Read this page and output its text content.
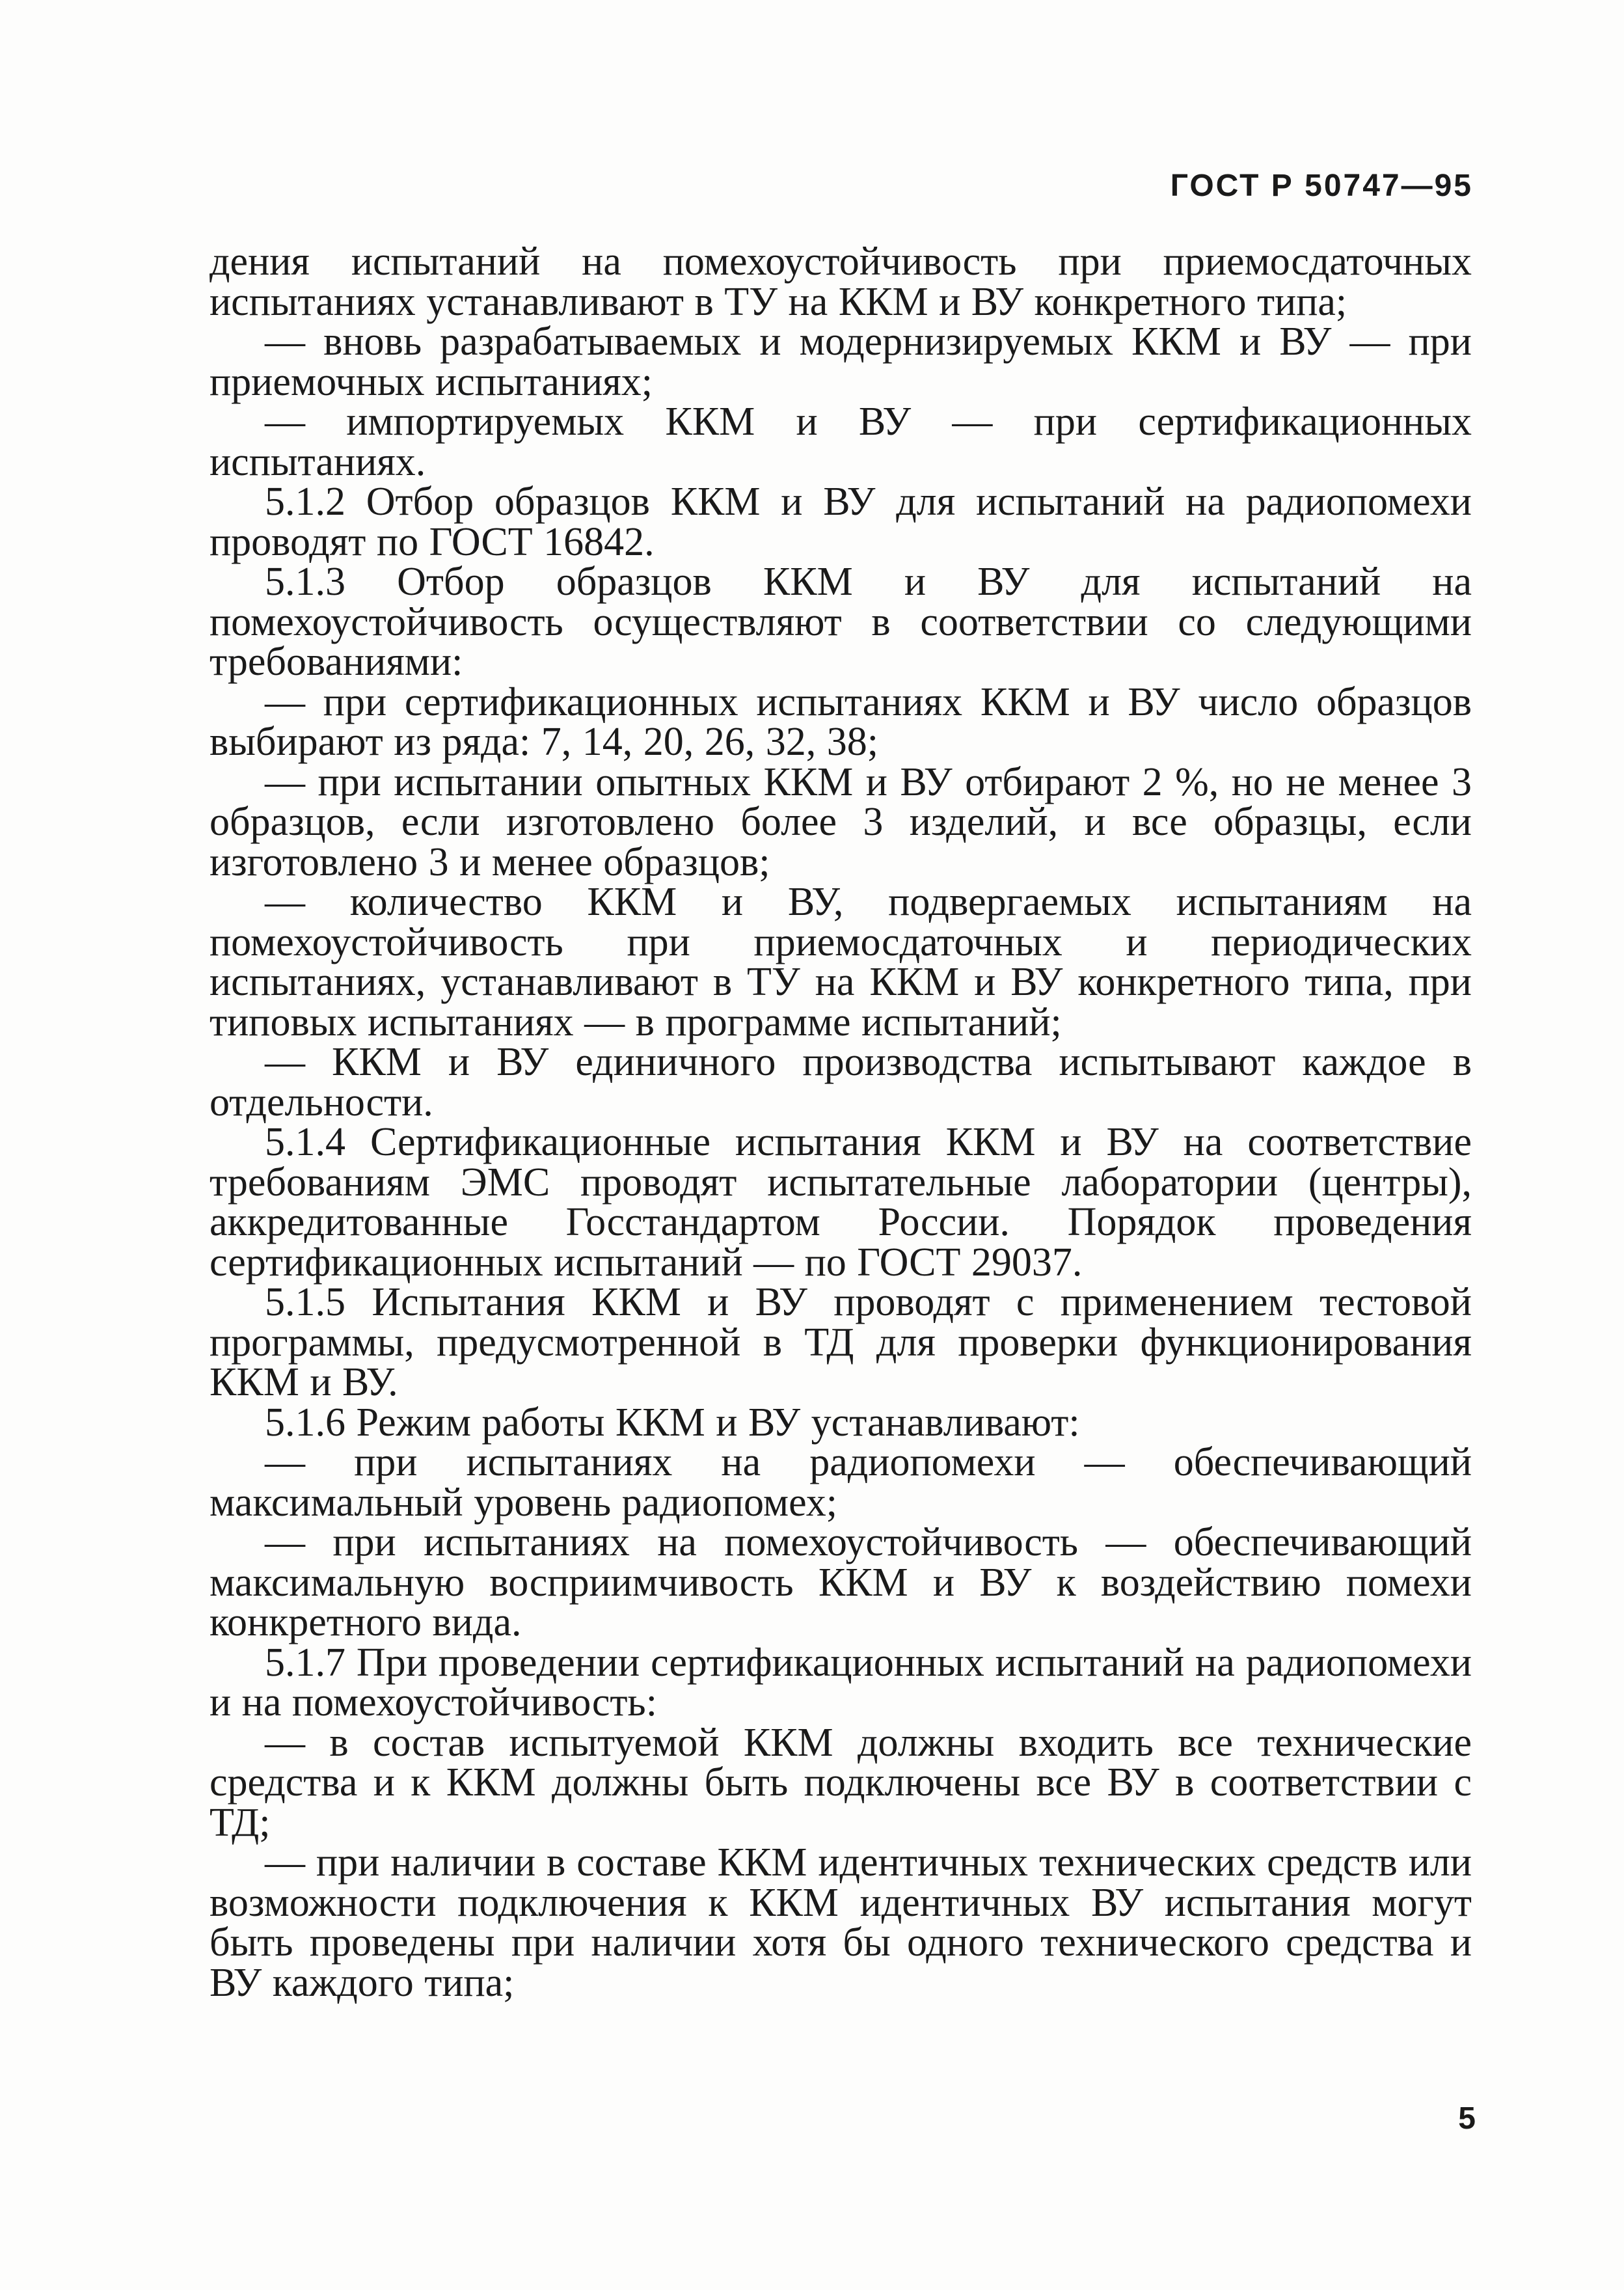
ГОСТ Р 50747—95

дения испытаний на помехоустойчивость при приемосдаточных испытаниях устанавливают в ТУ на ККМ и ВУ конкретного типа;

— вновь разрабатываемых и модернизируемых ККМ и ВУ — при приемочных испытаниях;

— импортируемых ККМ и ВУ — при сертификационных испытаниях.

5.1.2 Отбор образцов ККМ и ВУ для испытаний на радиопомехи проводят по ГОСТ 16842.

5.1.3 Отбор образцов ККМ и ВУ для испытаний на помехоустойчивость осуществляют в соответствии со следующими требованиями:

— при сертификационных испытаниях ККМ и ВУ число образцов выбирают из ряда: 7, 14, 20, 26, 32, 38;

— при испытании опытных ККМ и ВУ отбирают 2 %, но не менее 3 образцов, если изготовлено более 3 изделий, и все образцы, если изготовлено 3 и менее образцов;

— количество ККМ и ВУ, подвергаемых испытаниям на помехоустойчивость при приемосдаточных и периодических испытаниях, устанавливают в ТУ на ККМ и ВУ конкретного типа, при типовых испытаниях — в программе испытаний;

— ККМ и ВУ единичного производства испытывают каждое в отдельности.

5.1.4 Сертификационные испытания ККМ и ВУ на соответствие требованиям ЭМС проводят испытательные лаборатории (центры), аккредитованные Госстандартом России. Порядок проведения сертификационных испытаний — по ГОСТ 29037.

5.1.5 Испытания ККМ и ВУ проводят с применением тестовой программы, предусмотренной в ТД для проверки функционирования ККМ и ВУ.

5.1.6 Режим работы ККМ и ВУ устанавливают:

— при испытаниях на радиопомехи — обеспечивающий максимальный уровень радиопомех;

— при испытаниях на помехоустойчивость — обеспечивающий максимальную восприимчивость ККМ и ВУ к воздействию помехи конкретного вида.

5.1.7 При проведении сертификационных испытаний на радиопомехи и на помехоустойчивость:

— в состав испытуемой ККМ должны входить все технические средства и к ККМ должны быть подключены все ВУ в соответствии с ТД;

— при наличии в составе ККМ идентичных технических средств или возможности подключения к ККМ идентичных ВУ испытания могут быть проведены при наличии хотя бы одного технического средства и ВУ каждого типа;

5
